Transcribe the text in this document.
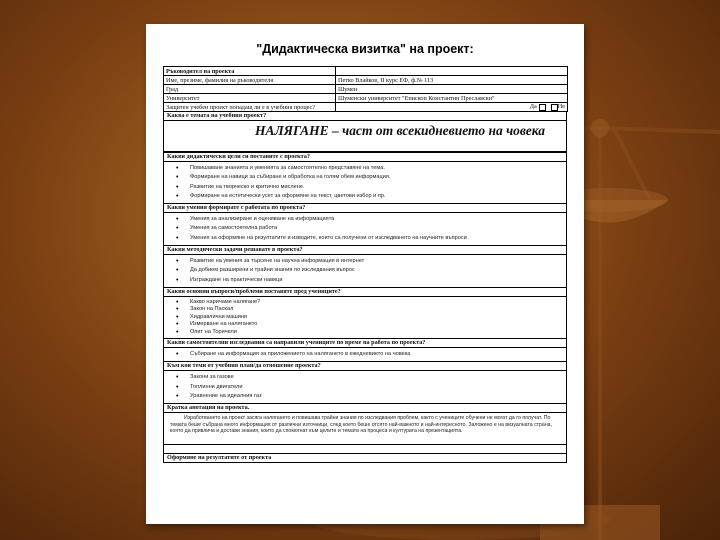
"Дидактическа визитка" на проект:
Ръководител на проекта	
Име, презиме, фамилия на ръководителя	Петко Влайков, II курс ЕФ, ф.№ 113
Град	Шумен
Университет	Шуменски университет "Епископ Константин Преславски"
Защитен учебен проект попадащ ли е в учебния процес?	Да Не
Каква е темата на учебния проект?
НАЛЯГАНЕ – част от всекидневието на човека
Какви дидактически цели си поставите с проекта?
• Повишаване знанията и уменията за самостоятелно представяне на тема.
• Формиране на навици за събиране и обработка на голям обем информация.
• Развитие на творческо и критично мислене.
• Формиране на естетически усет за оформяне на текст, цветови избор и пр.
Какви умения формирате с работата по проекта?
• Умения за анализиране и оценяване на информацията
• Умения за самостоятелна работа
• Умения за оформяне на резултатите и изводите, които са получени от изследването на научните въпроси
Какви методически задачи решавате в проекта?
• Развитие на умения за търсене на научна информация в интернет
• Да добием разширени и трайни знания по изследвания въпрос
• Изграждане на практически навици
Какви основни въпроси/проблеми поставяте пред учениците?
• Какво наричаме налягане?
• Закон на Паскал
• Хидравлични машини
• Измерване на налягането
• Опит на Торичели
Какви самостоятелни изследвания са направили учениците по време на работа по проекта?
• Събиране на информация за приложението на налягането в ежедневието на човека
Към кои теми от учебния план/да отношение проекта?
• Закони за газове
• Топлинни двигатели
• Уравнение на идеалния газ
Кратка анотация на проекта.
Изработването на проект засяга налягането и повишава трайни знания по изследвания проблем, както с учениците обучени не могат да го получат. По темата беше събрана много информация от различни източници, след което беше отсято най-важното и най-интересното. Заложено е на визуалната страна, която да привлича и достави знания, които да спомогнат към целите и темата на процеса и културата на презентацията.
Оформяне на резултатите от проекта
